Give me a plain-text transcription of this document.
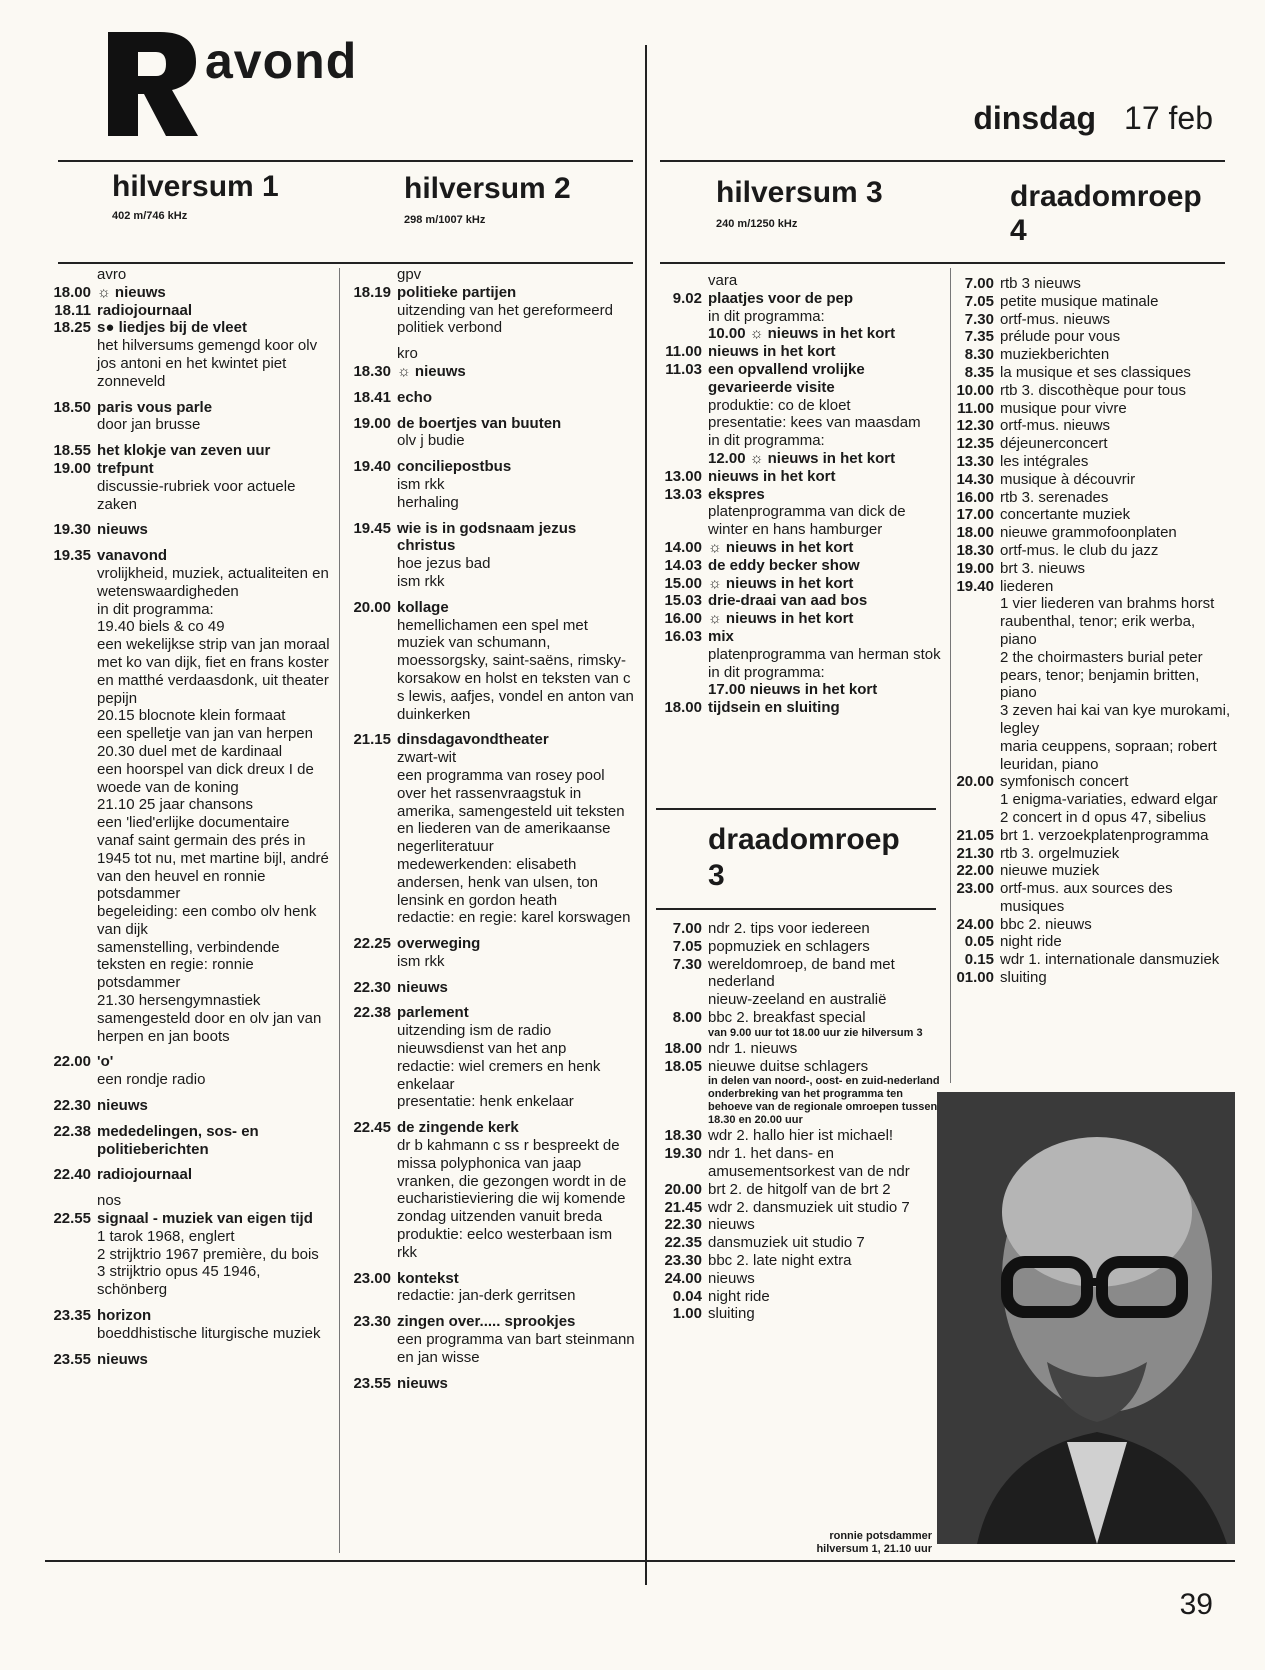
avond
dinsdag 17 feb
hilversum 1
402 m/746 kHz
hilversum 2
298 m/1007 kHz
hilversum 3
240 m/1250 kHz
draadomroep
4
draadomroep
3
avro
18.00 ☼ nieuws
18.11 radiojournaal
18.25 s● liedjes bij de vleet
het hilversums gemengd koor olv jos antoni en het kwintet piet zonneveld
18.50 paris vous parle
door jan brusse
18.55 het klokje van zeven uur
19.00 trefpunt
discussie-rubriek voor actuele zaken
19.30 nieuws
19.35 vanavond
vrolijkheid, muziek, actualiteiten en wetenswaardigheden
in dit programma:
19.40 biels & co 49
een wekelijkse strip van jan moraal
met ko van dijk, fiet en frans koster en matthé verdaasdonk, uit theater pepijn
20.15 blocnote klein formaat
een spelletje van jan van herpen
20.30 duel met de kardinaal
een hoorspel van dick dreux I de woede van de koning
21.10 25 jaar chansons
een 'lied'erlijke documentaire vanaf saint germain des prés in 1945 tot nu, met martine bijl, andré van den heuvel en ronnie potsdammer
begeleiding: een combo olv henk van dijk
samenstelling, verbindende teksten en regie: ronnie potsdammer
21.30 hersengymnastiek
samengesteld door en olv jan van herpen en jan boots
22.00 'o'
een rondje radio
22.30 nieuws
22.38 mededelingen, sos- en politieberichten
22.40 radiojournaal
nos
22.55 signaal - muziek van eigen tijd
1 tarok 1968, englert
2 strijktrio 1967 première, du bois
3 strijktrio opus 45 1946, schönberg
23.35 horizon
boeddhistische liturgische muziek
23.55 nieuws
gpv
18.19 politieke partijen
uitzending van het gereformeerd politiek verbond
kro
18.30 ☼ nieuws
18.41 echo
19.00 de boertjes van buuten
olv j budie
19.40 conciliepostbus
ism rkk
herhaling
19.45 wie is in godsnaam jezus christus
hoe jezus bad
ism rkk
20.00 kollage
hemellichamen een spel met muziek van schumann, moessorgsky, saint-saëns, rimsky-korsakow en holst en teksten van c s lewis, aafjes, vondel en anton van duinkerken
21.15 dinsdagavondtheater
zwart-wit
een programma van rosey pool over het rassenvraagstuk in amerika, samengesteld uit teksten en liederen van de amerikaanse negerliteratuur
medewerkenden: elisabeth andersen, henk van ulsen, ton lensink en gordon heath
redactie: en regie: karel korswagen
22.25 overweging
ism rkk
22.30 nieuws
22.38 parlement
uitzending ism de radio nieuwsdienst van het anp
redactie: wiel cremers en henk enkelaar
presentatie: henk enkelaar
22.45 de zingende kerk
dr b kahmann c ss r bespreekt de missa polyphonica van jaap vranken, die gezongen wordt in de eucharistieviering die wij komende zondag uitzenden vanuit breda
produktie: eelco westerbaan ism rkk
23.00 kontekst
redactie: jan-derk gerritsen
23.30 zingen over..... sprookjes
een programma van bart steinmann en jan wisse
23.55 nieuws
vara
9.02 plaatjes voor de pep
in dit programma:
10.00 ☼ nieuws in het kort
11.00 nieuws in het kort
11.03 een opvallend vrolijke gevarieerde visite
produktie: co de kloet
presentatie: kees van maasdam
in dit programma:
12.00 ☼ nieuws in het kort
13.00 nieuws in het kort
13.03 ekspres
platenprogramma van dick de winter en hans hamburger
14.00 ☼ nieuws in het kort
14.03 de eddy becker show
15.00 ☼ nieuws in het kort
15.03 drie-draai van aad bos
16.00 ☼ nieuws in het kort
16.03 mix
platenprogramma van herman stok
in dit programma:
17.00 nieuws in het kort
18.00 tijdsein en sluiting
7.00 rtb 3 nieuws
7.05 petite musique matinale
7.30 ortf-mus. nieuws
7.35 prélude pour vous
8.30 muziekberichten
8.35 la musique et ses classiques
10.00 rtb 3. discothèque pour tous
11.00 musique pour vivre
12.30 ortf-mus. nieuws
12.35 déjeunerconcert
13.30 les intégrales
14.30 musique à découvrir
16.00 rtb 3. serenades
17.00 concertante muziek
18.00 nieuwe grammofoonplaten
18.30 ortf-mus. le club du jazz
19.00 brt 3. nieuws
19.40 liederen
1 vier liederen van brahms horst raubenthal, tenor; erik werba, piano
2 the choirmasters burial peter pears, tenor; benjamin britten, piano
3 zeven hai kai van kye murokami, legley
maria ceuppens, sopraan; robert leuridan, piano
20.00 symfonisch concert
1 enigma-variaties, edward elgar
2 concert in d opus 47, sibelius
21.05 brt 1. verzoekplatenprogramma
21.30 rtb 3. orgelmuziek
22.00 nieuwe muziek
23.00 ortf-mus. aux sources des musiques
24.00 bbc 2. nieuws
0.05 night ride
0.15 wdr 1. internationale dansmuziek
01.00 sluiting
7.00 ndr 2. tips voor iedereen
7.05 popmuziek en schlagers
7.30 wereldomroep, de band met nederland
nieuw-zeeland en australië
8.00 bbc 2. breakfast special
van 9.00 uur tot 18.00 uur zie hilversum 3
18.00 ndr 1. nieuws
18.05 nieuwe duitse schlagers
in delen van noord-, oost- en zuid-nederland onderbreking van het programma ten behoeve van de regionale omroepen tussen 18.30 en 20.00 uur
18.30 wdr 2. hallo hier ist michael!
19.30 ndr 1. het dans- en amusementsorkest van de ndr
20.00 brt 2. de hitgolf van de brt 2
21.45 wdr 2. dansmuziek uit studio 7
22.30 nieuws
22.35 dansmuziek uit studio 7
23.30 bbc 2. late night extra
24.00 nieuws
0.04 night ride
1.00 sluiting
ronnie potsdammer
hilversum 1, 21.10 uur
39
